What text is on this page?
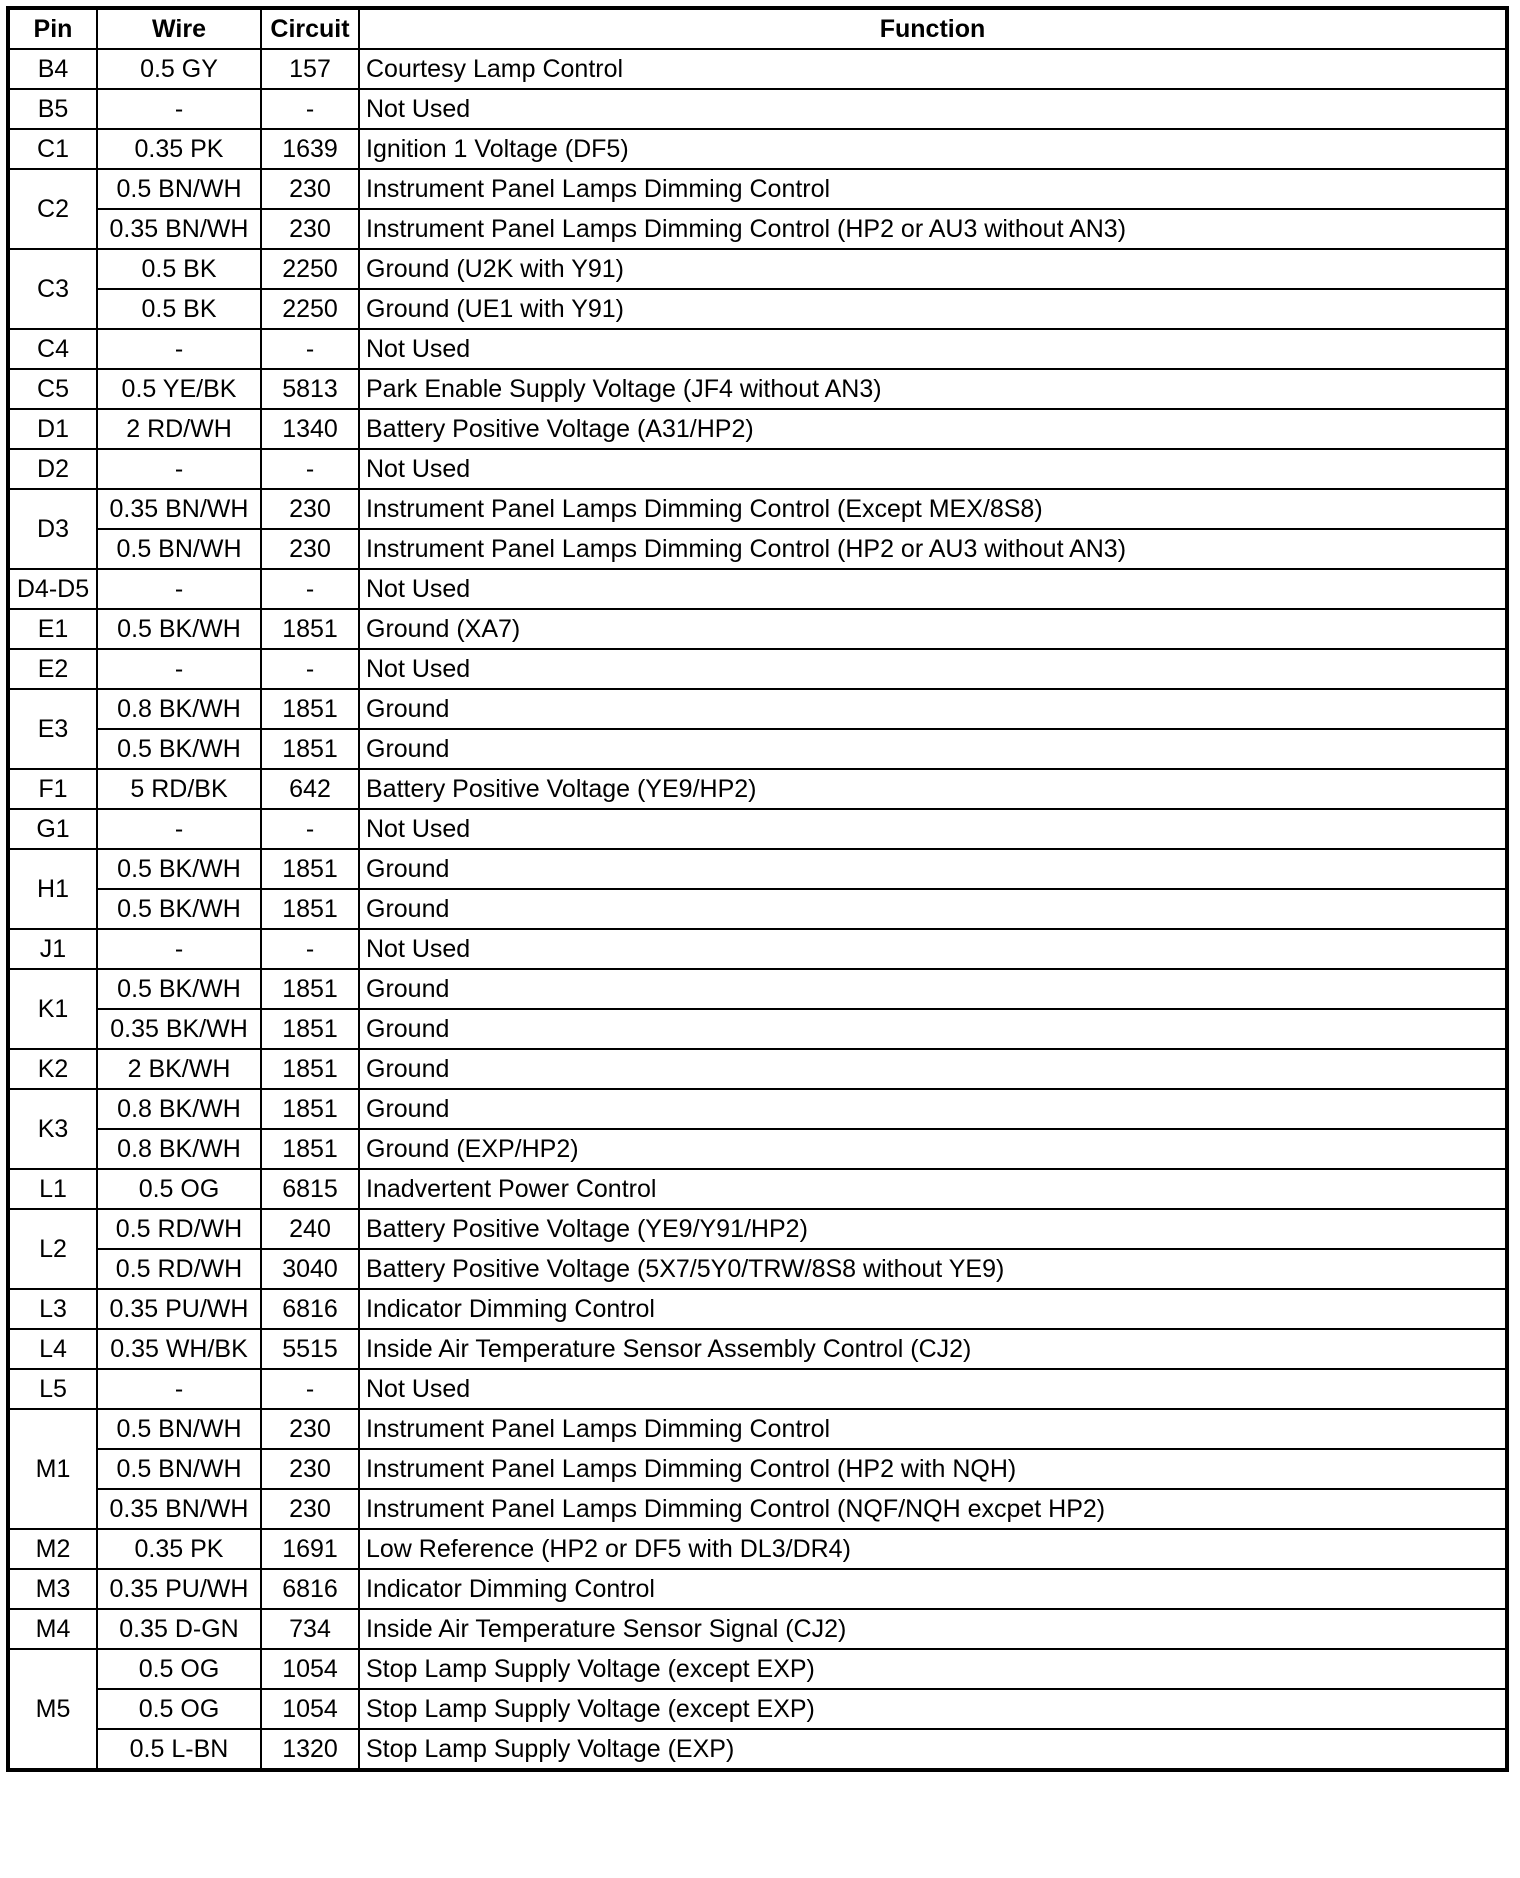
Pin	Wire	Circuit	Function
B4	0.5 GY	157	Courtesy Lamp Control
B5	-	-	Not Used
C1	0.35 PK	1639	Ignition 1 Voltage (DF5)
C2	0.5 BN/WH	230	Instrument Panel Lamps Dimming Control
	0.35 BN/WH	230	Instrument Panel Lamps Dimming Control (HP2 or AU3 without AN3)
C3	0.5 BK	2250	Ground (U2K with Y91)
	0.5 BK	2250	Ground (UE1 with Y91)
C4	-	-	Not Used
C5	0.5 YE/BK	5813	Park Enable Supply Voltage (JF4 without AN3)
D1	2 RD/WH	1340	Battery Positive Voltage (A31/HP2)
D2	-	-	Not Used
D3	0.35 BN/WH	230	Instrument Panel Lamps Dimming Control (Except MEX/8S8)
	0.5 BN/WH	230	Instrument Panel Lamps Dimming Control (HP2 or AU3 without AN3)
D4-D5	-	-	Not Used
E1	0.5 BK/WH	1851	Ground (XA7)
E2	-	-	Not Used
E3	0.8 BK/WH	1851	Ground
	0.5 BK/WH	1851	Ground
F1	5 RD/BK	642	Battery Positive Voltage (YE9/HP2)
G1	-	-	Not Used
H1	0.5 BK/WH	1851	Ground
	0.5 BK/WH	1851	Ground
J1	-	-	Not Used
K1	0.5 BK/WH	1851	Ground
	0.35 BK/WH	1851	Ground
K2	2 BK/WH	1851	Ground
K3	0.8 BK/WH	1851	Ground
	0.8 BK/WH	1851	Ground (EXP/HP2)
L1	0.5 OG	6815	Inadvertent Power Control
L2	0.5 RD/WH	240	Battery Positive Voltage (YE9/Y91/HP2)
	0.5 RD/WH	3040	Battery Positive Voltage (5X7/5Y0/TRW/8S8 without YE9)
L3	0.35 PU/WH	6816	Indicator Dimming Control
L4	0.35 WH/BK	5515	Inside Air Temperature Sensor Assembly Control (CJ2)
L5	-	-	Not Used
M1	0.5 BN/WH	230	Instrument Panel Lamps Dimming Control
	0.5 BN/WH	230	Instrument Panel Lamps Dimming Control (HP2 with NQH)
	0.35 BN/WH	230	Instrument Panel Lamps Dimming Control (NQF/NQH excpet HP2)
M2	0.35 PK	1691	Low Reference (HP2 or DF5 with DL3/DR4)
M3	0.35 PU/WH	6816	Indicator Dimming Control
M4	0.35 D-GN	734	Inside Air Temperature Sensor Signal (CJ2)
M5	0.5 OG	1054	Stop Lamp Supply Voltage (except EXP)
	0.5 OG	1054	Stop Lamp Supply Voltage (except EXP)
	0.5 L-BN	1320	Stop Lamp Supply Voltage (EXP)
